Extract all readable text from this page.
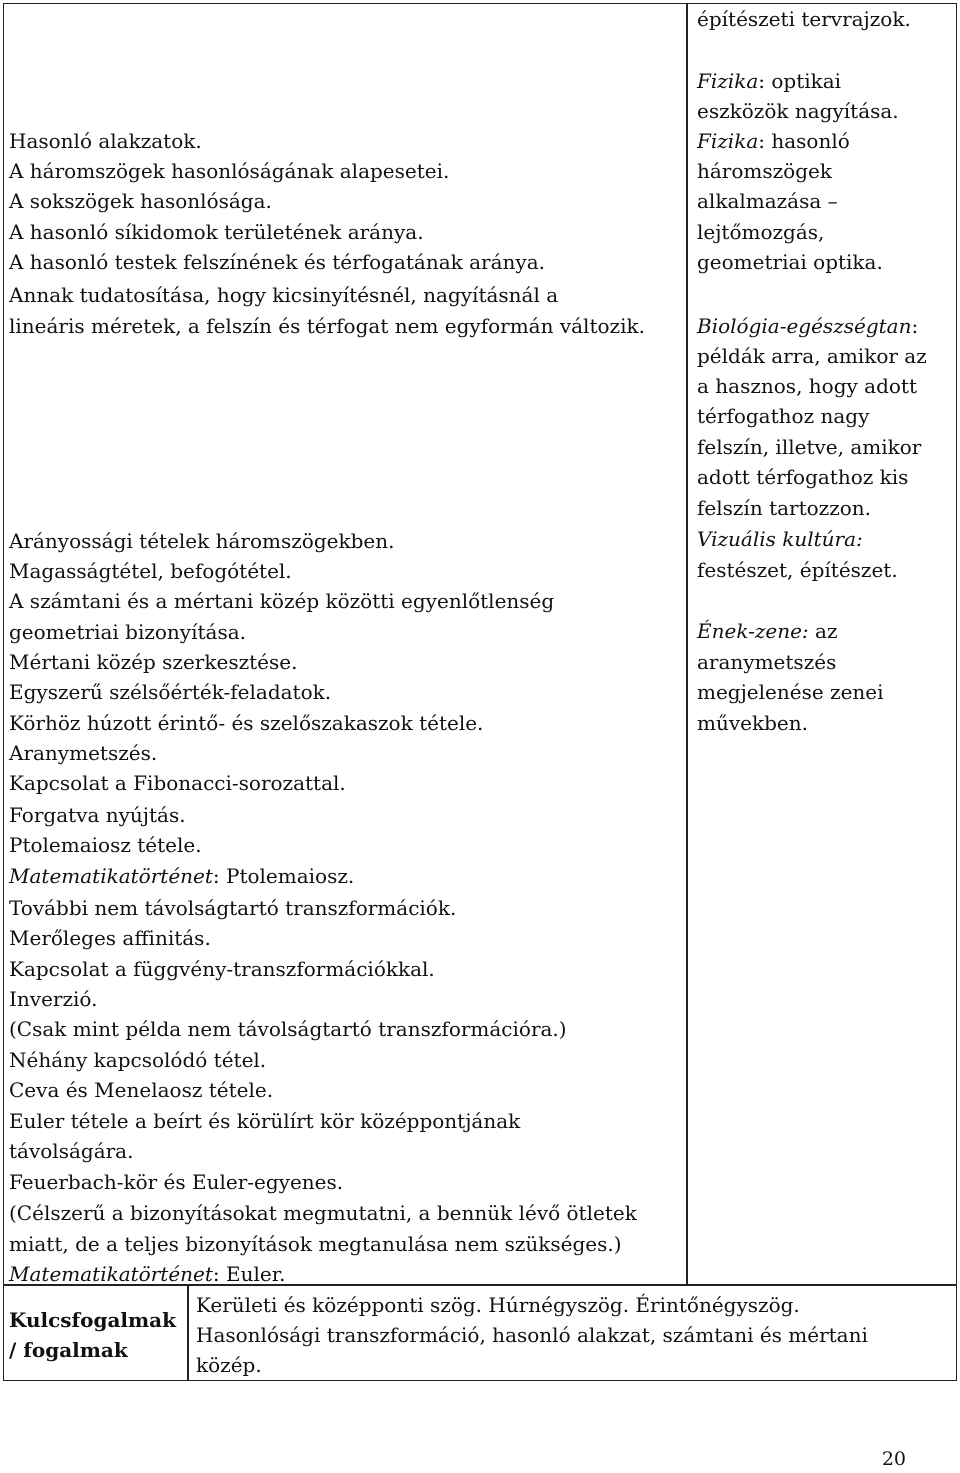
Hasonló alakzatok.
A háromszögek hasonlóságának alapesetei.
A sokszögek hasonlósága.
A hasonló síkidomok területének aránya.
A hasonló testek felszínének és térfogatának aránya.
Annak tudatosítása, hogy kicsinyítésnél, nagyításnál a
lineáris méretek, a felszín és térfogat nem egyformán változik.
Arányossági tételek háromszögekben.
Magasságtétel, befogótétel.
A számtani és a mértani közép közötti egyenlőtlenség
geometriai bizonyítása.
Mértani közép szerkesztése.
Egyszerű szélsőérték-feladatok.
Körhöz húzott érintő- és szelőszakaszok tétele.
Aranymetszés.
Kapcsolat a Fibonacci-sorozattal.
Forgatva nyújtás.
Ptolemaiosz tétele.
Matematikatörténet: Ptolemaiosz.
További nem távolságtartó transzformációk.
Merőleges affinitás.
Kapcsolat a függvény-transzformációkkal.
Inverzió.
(Csak mint példa nem távolságtartó transzformációra.)
Néhány kapcsolódó tétel.
Ceva és Menelaosz tétele.
Euler tétele a beírt és körülírt kör középpontjának
távolságára.
Feuerbach-kör és Euler-egyenes.
(Célszerű a bizonyításokat megmutatni, a bennük lévő ötletek
miatt, de a teljes bizonyítások megtanulása nem szükséges.)
Matematikatörténet: Euler.
építészeti tervrajzok.
Fizika: optikai
eszközök nagyítása.
Fizika: hasonló
háromszögek
alkalmazása –
lejtőmozgás,
geometriai optika.
Biológia-egészségtan:
példák arra, amikor az
a hasznos, hogy adott
térfogathoz nagy
felszín, illetve, amikor
adott térfogathoz kis
felszín tartozzon.
Vizuális kultúra:
festészet, építészet.
Ének-zene: az
aranymetszés
megjelenése zenei
művekben.
Kulcsfogalmak
/ fogalmak
Kerületi és középponti szög. Húrnégyszög. Érintőnégyszög.
Hasonlósági transzformáció, hasonló alakzat, számtani és mértani
közép.
20
